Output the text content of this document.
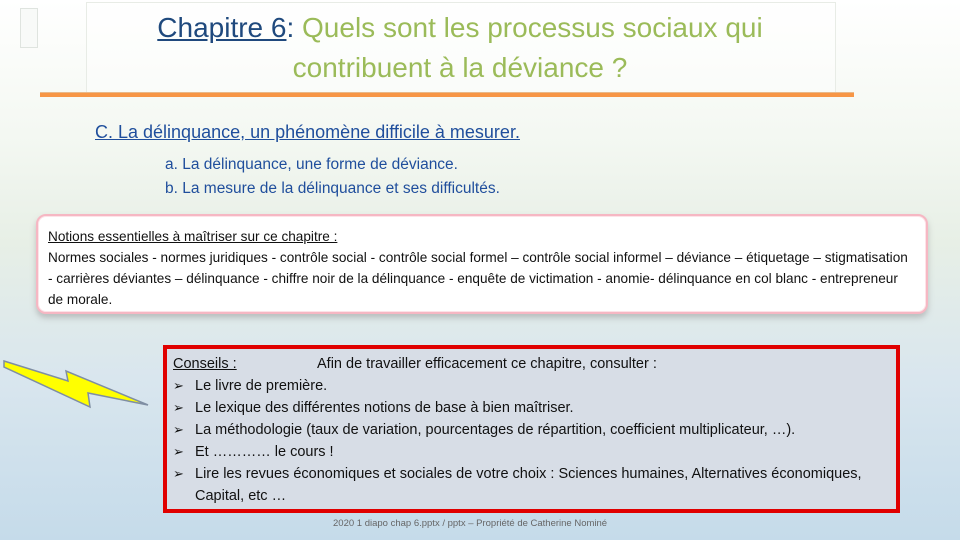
Chapitre 6: Quels sont les processus sociaux qui
contribuent à la déviance ?
C. La délinquance, un phénomène difficile à mesurer.
a. La délinquance, une forme de déviance.
b. La mesure de la délinquance et ses difficultés.
Notions essentielles à maîtriser sur ce chapitre :
Normes sociales - normes juridiques - contrôle social - contrôle social formel – contrôle social informel – déviance – étiquetage – stigmatisation - carrières déviantes – délinquance - chiffre noir de la délinquance - enquête de victimation - anomie- délinquance en col blanc - entrepreneur de morale.
Conseils :	Afin de travailler efficacement ce chapitre, consulter :
➢ Le livre de première.
➢ Le lexique des différentes notions de base à bien maîtriser.
➢ La méthodologie (taux de variation, pourcentages de répartition, coefficient multiplicateur, …).
➢ Et ………… le cours !
➢ Lire les revues économiques et sociales de votre choix : Sciences humaines, Alternatives économiques, Capital, etc …
2020 1 diapo chap 6.pptx / pptx – Propriété de Catherine Nominé
